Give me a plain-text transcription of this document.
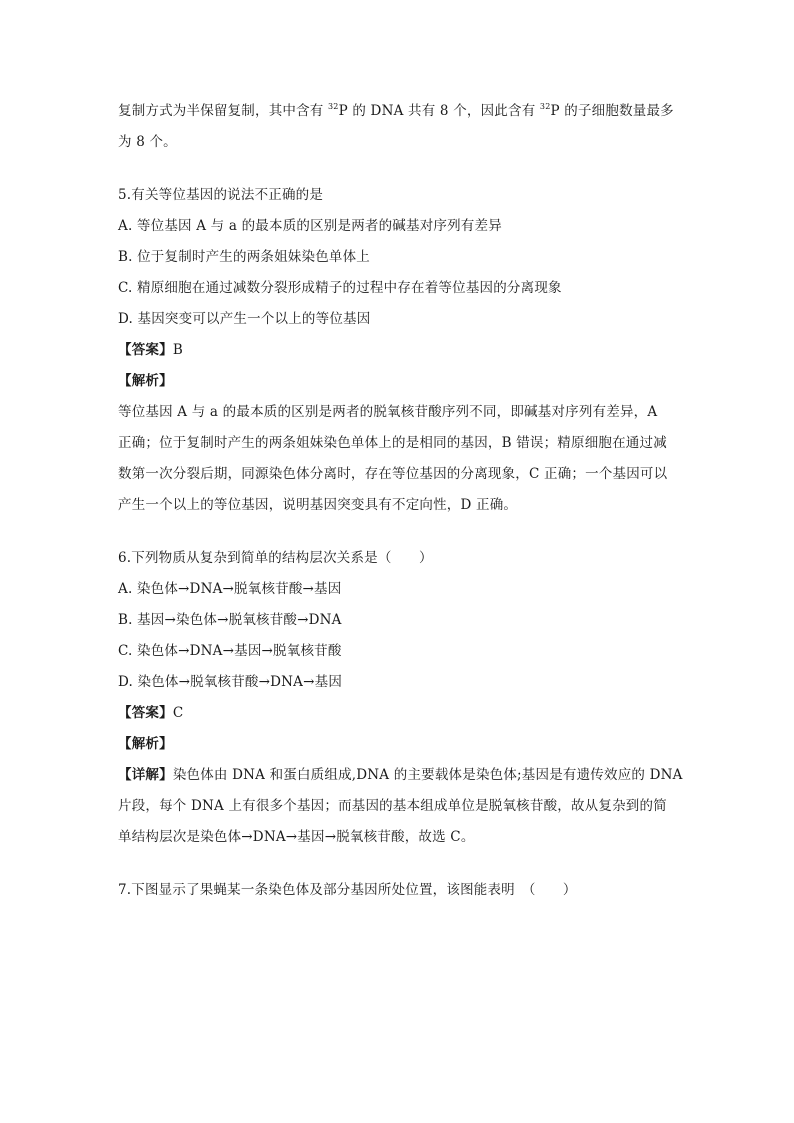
复制方式为半保留复制，其中含有 $^{32}$P 的 DNA 共有 8 个，因此含有 $^{32}$P 的子细胞数量最多
为 8 个。
5.有关等位基因的说法不正确的是
A. 等位基因 A 与 a 的最本质的区别是两者的碱基对序列有差异
B. 位于复制时产生的两条姐妹染色单体上
C. 精原细胞在通过减数分裂形成精子的过程中存在着等位基因的分离现象
D. 基因突变可以产生一个以上的等位基因
【答案】B
【解析】
等位基因 A 与 a 的最本质的区别是两者的脱氧核苷酸序列不同，即碱基对序列有差异，A
正确；位于复制时产生的两条姐妹染色单体上的是相同的基因，B 错误；精原细胞在通过减
数第一次分裂后期，同源染色体分离时，存在等位基因的分离现象，C 正确；一个基因可以
产生一个以上的等位基因，说明基因突变具有不定向性，D 正确。
6.下列物质从复杂到简单的结构层次关系是（　　）
A. 染色体→DNA→脱氧核苷酸→基因
B. 基因→染色体→脱氧核苷酸→DNA
C. 染色体→DNA→基因→脱氧核苷酸
D. 染色体→脱氧核苷酸→DNA→基因
【答案】C
【解析】
【详解】染色体由 DNA 和蛋白质组成,DNA 的主要载体是染色体;基因是有遗传效应的 DNA
片段，每个 DNA 上有很多个基因；而基因的基本组成单位是脱氧核苷酸，故从复杂到的简
单结构层次是染色体→DNA→基因→脱氧核苷酸，故选 C。
7.下图显示了果蝇某一条染色体及部分基因所处位置，该图能表明　（　　）
